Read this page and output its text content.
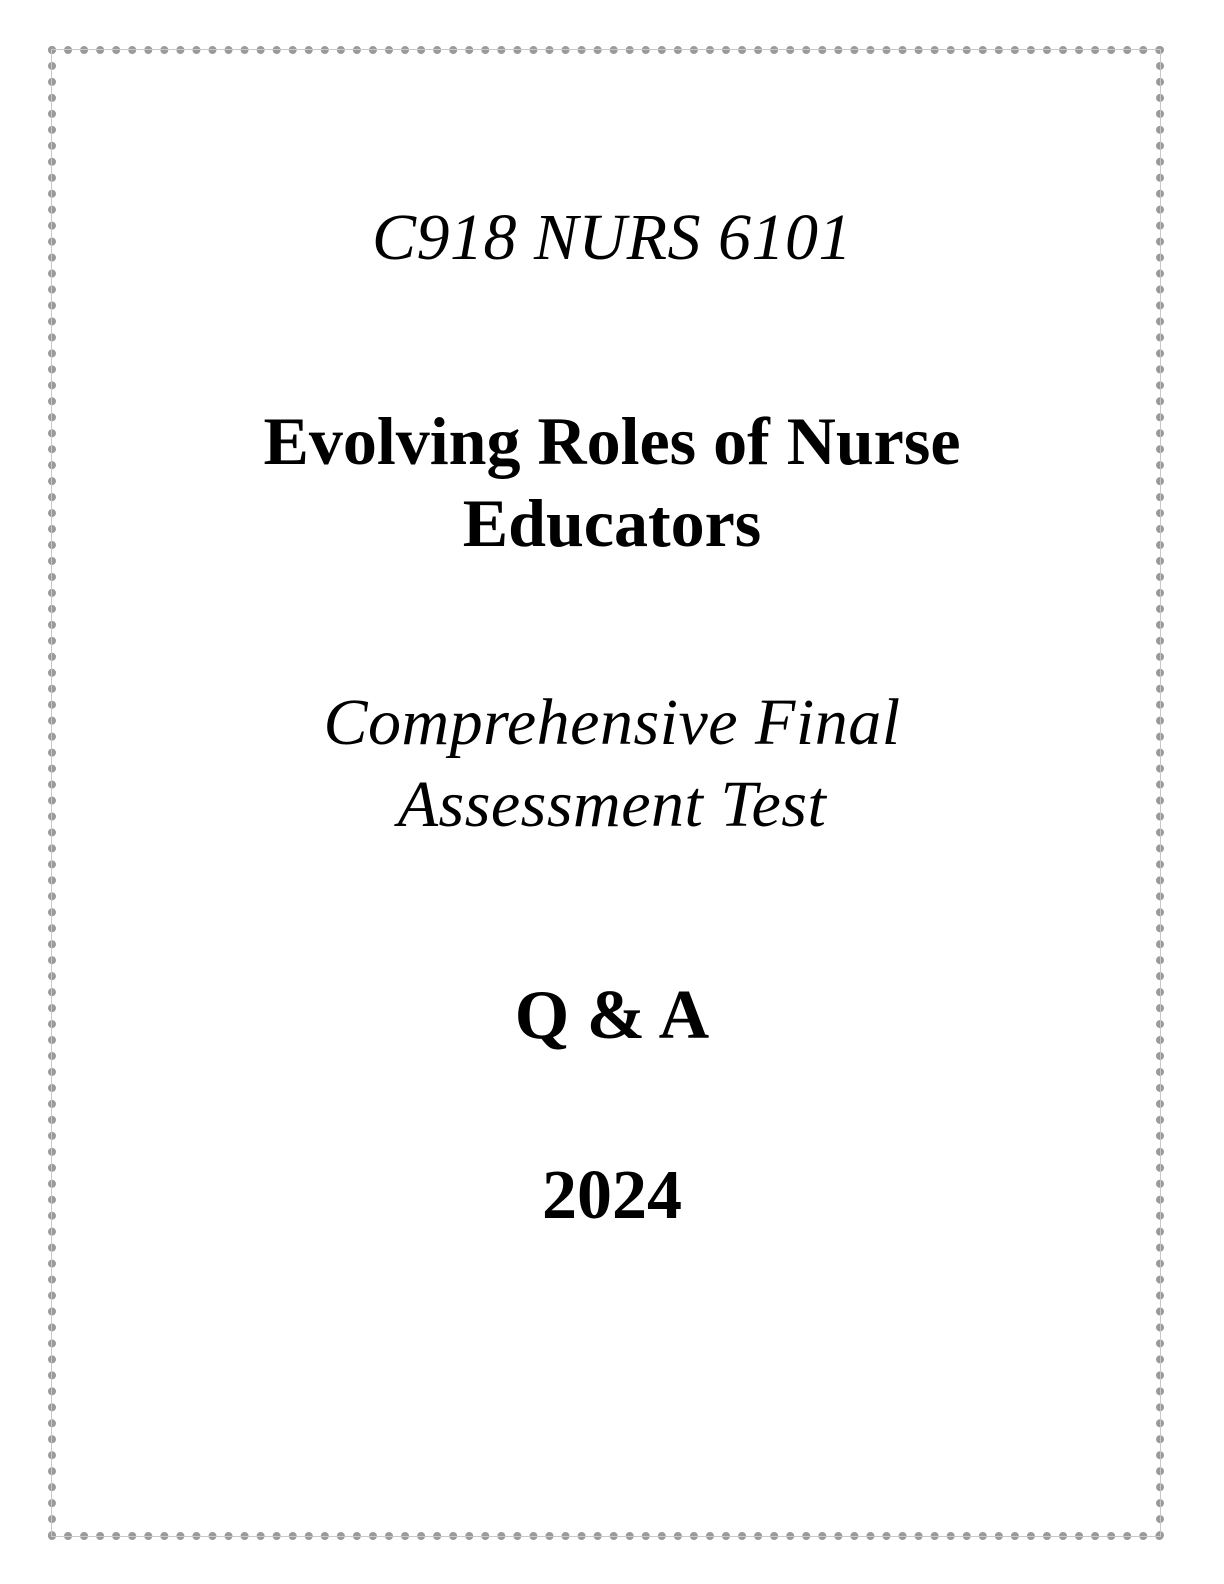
C918 NURS 6101

Evolving Roles of Nurse
Educators
Comprehensive Final
Assessment Test

Q & A

2024
